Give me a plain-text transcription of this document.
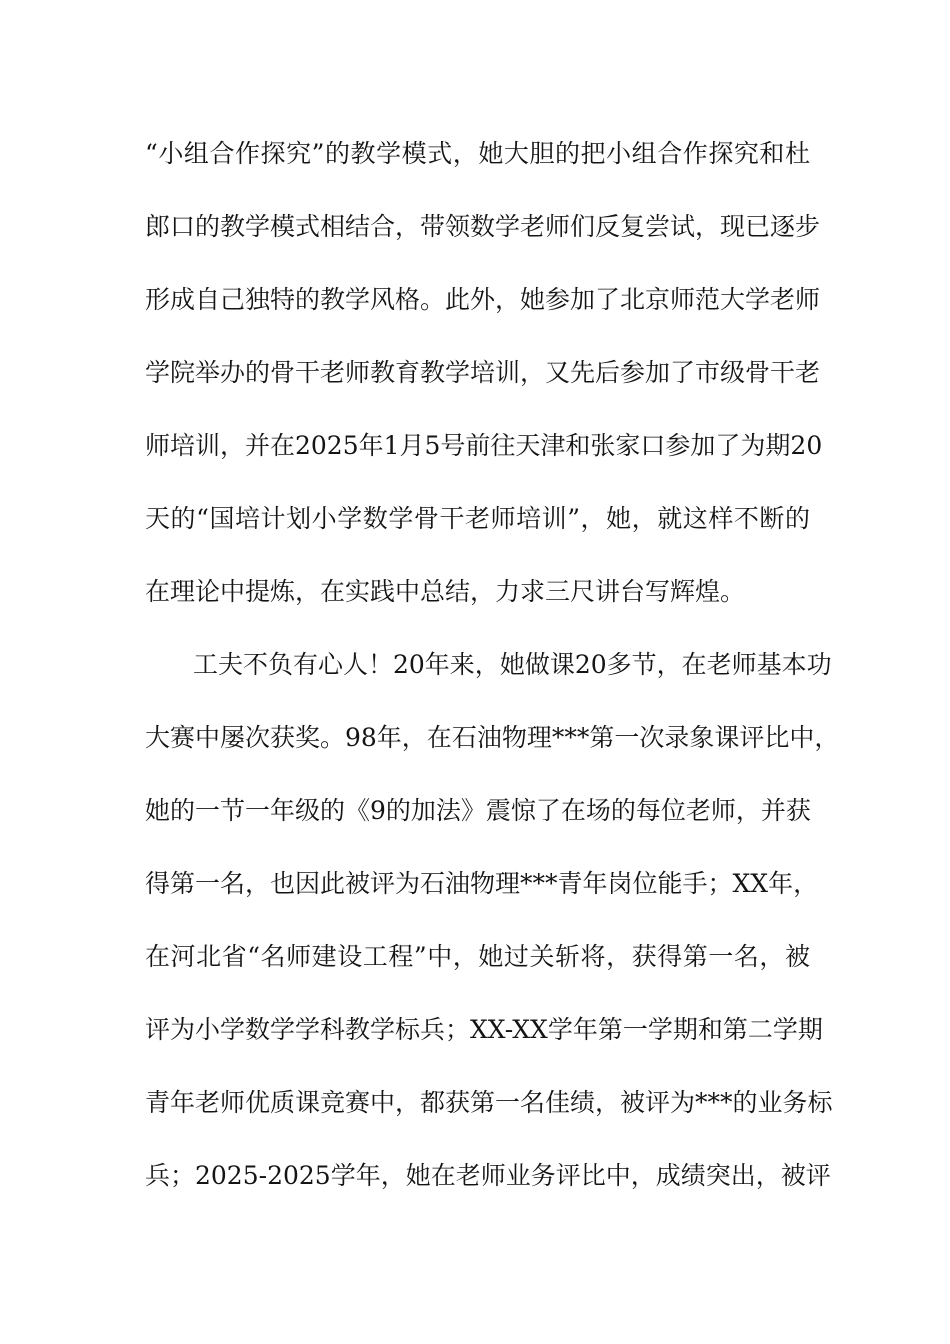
“小组合作探究”的教学模式，她大胆的把小组合作探究和杜
郎口的教学模式相结合，带领数学老师们反复尝试，现已逐步
形成自己独特的教学风格。此外，她参加了北京师范大学老师
学院举办的骨干老师教育教学培训，又先后参加了市级骨干老
师培训，并在2025年1月5号前往天津和张家口参加了为期20
天的“国培计划小学数学骨干老师培训”，她，就这样不断的
在理论中提炼，在实践中总结，力求三尺讲台写辉煌。
工夫不负有心人！20年来，她做课20多节，在老师基本功
大赛中屡次获奖。98年，在石油物理***第一次录象课评比中，
她的一节一年级的《9的加法》震惊了在场的每位老师，并获
得第一名，也因此被评为石油物理***青年岗位能手；XX年，
在河北省“名师建设工程”中，她过关斩将，获得第一名，被
评为小学数学学科教学标兵；XX-XX学年第一学期和第二学期
青年老师优质课竞赛中，都获第一名佳绩，被评为***的业务标
兵；2025-2025学年，她在老师业务评比中，成绩突出，被评
